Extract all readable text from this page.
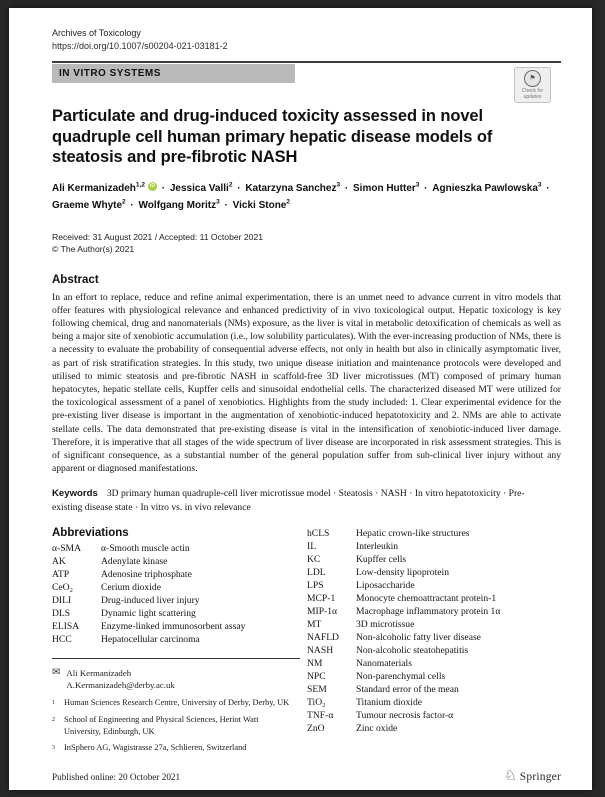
Archives of Toxicology
https://doi.org/10.1007/s00204-021-03181-2
IN VITRO SYSTEMS	⚑
Check for
updates
Particulate and drug-induced toxicity assessed in novel quadruple cell human primary hepatic disease models of steatosis and pre-fibrotic NASH
Ali Kermanizadeh$^{1,2}$ iD · Jessica Valli$^2$ · Katarzyna Sanchez$^3$ · Simon Hutter$^3$ · Agnieszka Pawlowska$^3$ · Graeme Whyte$^2$ · Wolfgang Moritz$^3$ · Vicki Stone$^2$
Received: 31 August 2021 / Accepted: 11 October 2021
© The Author(s) 2021
Abstract
In an effort to replace, reduce and refine animal experimentation, there is an unmet need to advance current in vitro models that offer features with physiological relevance and enhanced predictivity of in vivo toxicological output. Hepatic toxicology is key following chemical, drug and nanomaterials (NMs) exposure, as the liver is vital in metabolic detoxification of chemicals as well as being a major site of xenobiotic accumulation (i.e., low solubility particulates). With the ever-increasing production of NMs, there is a necessity to evaluate the probability of consequential adverse effects, not only in health but also in clinically asymptomatic liver, as part of risk stratification strategies. In this study, two unique disease initiation and maintenance protocols were developed and utilised to mimic steatosis and pre-fibrotic NASH in scaffold-free 3D liver microtissues (MT) composed of primary human hepatocytes, hepatic stellate cells, Kupffer cells and sinusoidal endothelial cells. The characterized diseased MT were utilized for the toxicological assessment of a panel of xenobiotics. Highlights from the study included: 1. Clear experimental evidence for the pre-existing liver disease is important in the augmentation of xenobiotic-induced hepatotoxicity and 2. NMs are able to activate stellate cells. The data demonstrated that pre-existing disease is vital in the intensification of xenobiotic-induced liver damage. Therefore, it is imperative that all stages of the wide spectrum of liver disease are incorporated in risk assessment strategies. This is of significant consequence, as a substantial number of the general population suffer from sub-clinical liver injury without any apparent or diagnosed manifestations.
Keywords 3D primary human quadruple-cell liver microtissue model · Steatosis · NASH · In vitro hepatotoxicity · Pre-existing disease state · In vitro vs. in vivo relevance
Abbreviations
α-SMA	α-Smooth muscle actin
AK	Adenylate kinase
ATP	Adenosine triphosphate
CeO₂	Cerium dioxide
DILI	Drug-induced liver injury
DLS	Dynamic light scattering
ELISA	Enzyme-linked immunosorbent assay
HCC	Hepatocellular carcinoma
✉ Ali Kermanizadeh
A.Kermanizadeh@derby.ac.uk
1	Human Sciences Research Centre, University of Derby, Derby, UK
2	School of Engineering and Physical Sciences, Heriot Watt University, Edinburgh, UK
3	InSphero AG, Wagistrasse 27a, Schlieren, Switzerland
hCLS	Hepatic crown-like structures
IL	Interleukin
KC	Kupffer cells
LDL	Low-density lipoprotein
LPS	Liposaccharide
MCP-1	Monocyte chemoattractant protein-1
MIP-1α	Macrophage inflammatory protein 1α
MT	3D microtissue
NAFLD	Non-alcoholic fatty liver disease
NASH	Non-alcoholic steatohepatitis
NM	Nanomaterials
NPC	Non-parenchymal cells
SEM	Standard error of the mean
TiO₂	Titanium dioxide
TNF-α	Tumour necrosis factor-α
ZnO	Zinc oxide
Published online: 20 October 2021	♘ Springer
